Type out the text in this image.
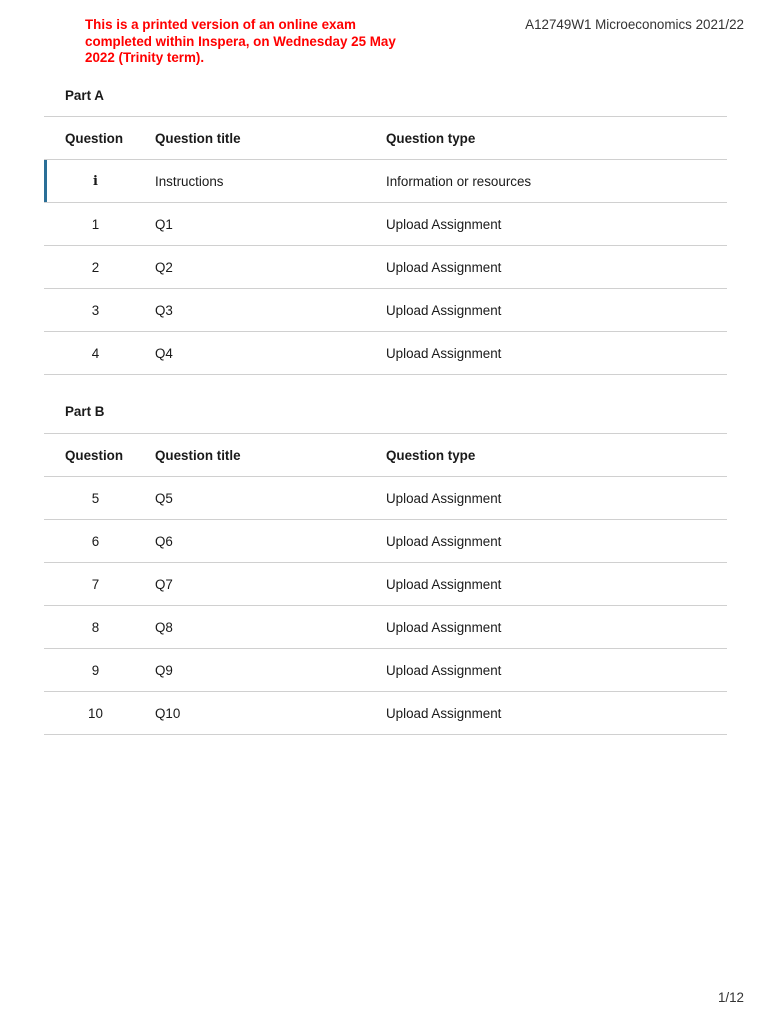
This is a printed version of an online exam completed within Inspera, on Wednesday 25 May 2022 (Trinity term).
A12749W1 Microeconomics 2021/22
Part A
Question	Question title	Question type
i	Instructions	Information or resources
1	Q1	Upload Assignment
2	Q2	Upload Assignment
3	Q3	Upload Assignment
4	Q4	Upload Assignment
Part B
Question	Question title	Question type
5	Q5	Upload Assignment
6	Q6	Upload Assignment
7	Q7	Upload Assignment
8	Q8	Upload Assignment
9	Q9	Upload Assignment
10	Q10	Upload Assignment
1/12
